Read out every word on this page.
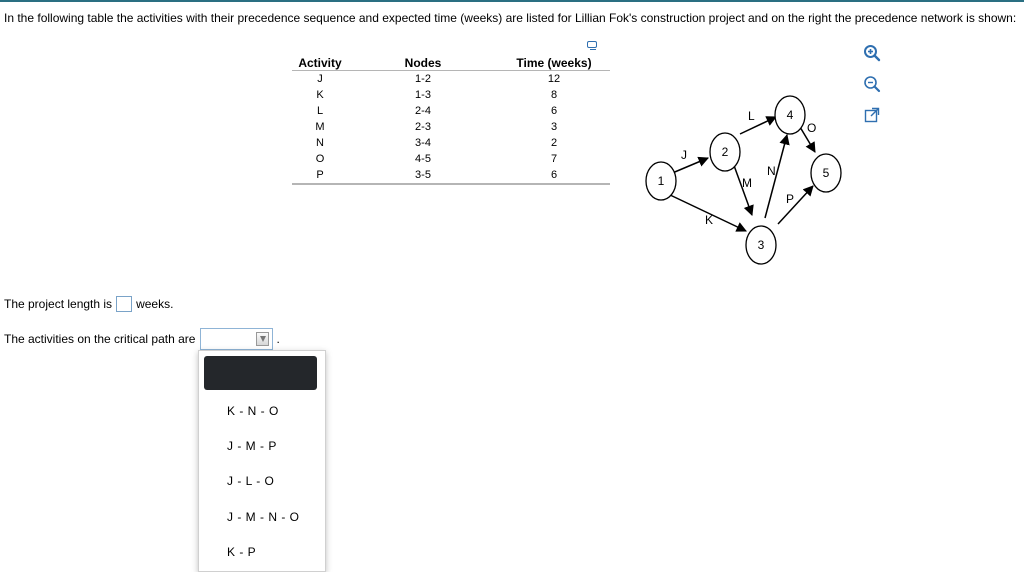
In the following table the activities with their precedence sequence and expected time (weeks) are listed for Lillian Fok's construction project and on the right the precedence network is shown:
Activity	Nodes	Time (weeks)
J	1-2	12
K	1-3	8
L	2-4	6
M	2-3	3
N	3-4	2
O	4-5	7
P	3-5	6
J
K
L
M
N
O
P
1
2
3
4
5
The project length is weeks.
The activities on the critical path are	.
K - N - O
J - M - P
J - L - O
J - M - N - O
K - P
